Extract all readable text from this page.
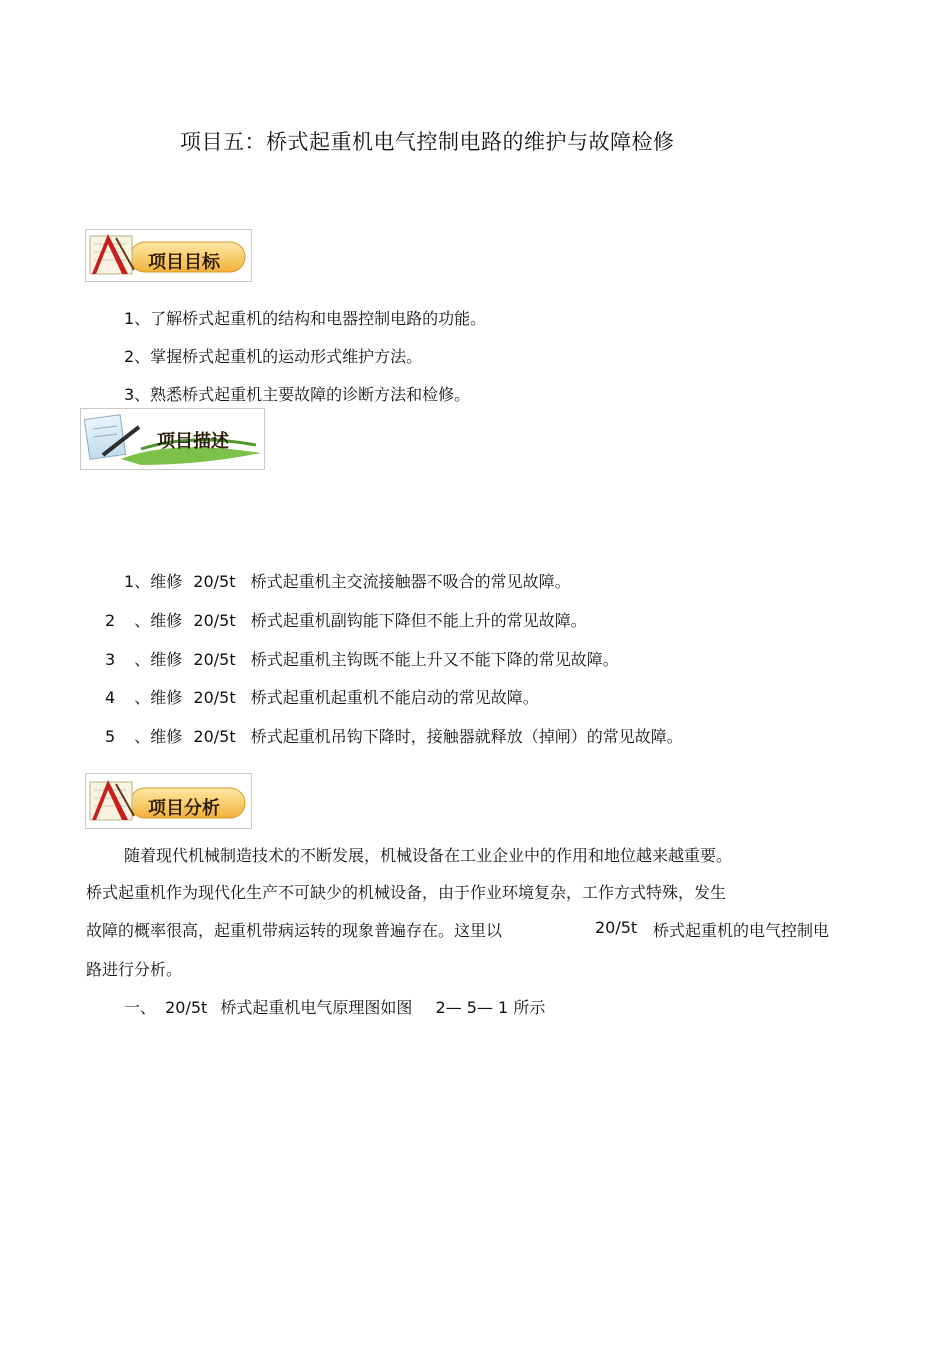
项目五：桥式起重机电气控制电路的维护与故障检修
项目目标
1、了解桥式起重机的结构和电器控制电路的功能。
2、掌握桥式起重机的运动形式维护方法。
3、熟悉桥式起重机主要故障的诊断方法和检修。
项目描述
1、维修 20/5t 桥式起重机主交流接触器不吸合的常见故障。
2 、维修 20/5t 桥式起重机副钩能下降但不能上升的常见故障。
3 、维修 20/5t 桥式起重机主钩既不能上升又不能下降的常见故障。
4 、维修 20/5t 桥式起重机起重机不能启动的常见故障。
5 、维修 20/5t 桥式起重机吊钩下降时，接触器就释放（掉闸）的常见故障。
项目分析
随着现代机械制造技术的不断发展，机械设备在工业企业中的作用和地位越来越重要。
桥式起重机作为现代化生产不可缺少的机械设备，由于作业环境复杂，工作方式特殊，发生
故障的概率很高，起重机带病运转的现象普遍存在。这里以	20/5t 桥式起重机的电气控制电
路进行分析。
一、 20/5t 桥式起重机电气原理图如图 2— 5— 1 所示
